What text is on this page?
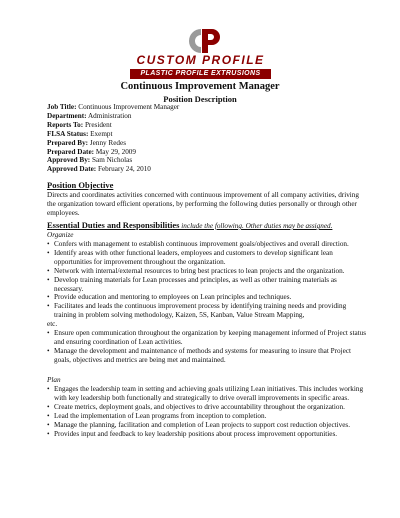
CUSTOM PROFILE
PLASTIC PROFILE EXTRUSIONS
Continuous Improvement Manager
Position Description
Job Title: Continuous Improvement Manager
Department: Administration
Reports To: President
FLSA Status: Exempt
Prepared By: Jenny Redes
Prepared Date: May 29, 2009
Approved By: Sam Nicholas
Approved Date: February 24, 2010
Position Objective
Directs and coordinates activities concerned with continuous improvement of all company activities, driving the organization toward efficient operations, by performing the following duties personally or through other employees.
Essential Duties and Responsibilities include the following. Other duties may be assigned.
Organize
• Confers with management to establish continuous improvement goals/objectives and overall direction.
• Identify areas with other functional leaders, employees and customers to develop significant lean opportunities for improvement throughout the organization.
• Network with internal/external resources to bring best practices to lean projects and the organization.
• Develop training materials for Lean processes and principles, as well as other training materials as necessary.
• Provide education and mentoring to employees on Lean principles and techniques.
• Facilitates and leads the continuous improvement process by identifying training needs and providing training in problem solving methodology, Kaizen, 5S, Kanban, Value Stream Mapping,
etc.
• Ensure open communication throughout the organization by keeping management informed of Project status and ensuring coordination of Lean activities.
• Manage the development and maintenance of methods and systems for measuring to insure that Project goals, objectives and metrics are being met and maintained.
Plan
• Engages the leadership team in setting and achieving goals utilizing Lean initiatives. This includes working with key leadership both functionally and strategically to drive overall improvements in specific areas.
• Create metrics, deployment goals, and objectives to drive accountability throughout the organization.
• Lead the implementation of Lean programs from inception to completion.
• Manage the planning, facilitation and completion of Lean projects to support cost reduction objectives.
• Provides input and feedback to key leadership positions about process improvement opportunities.
